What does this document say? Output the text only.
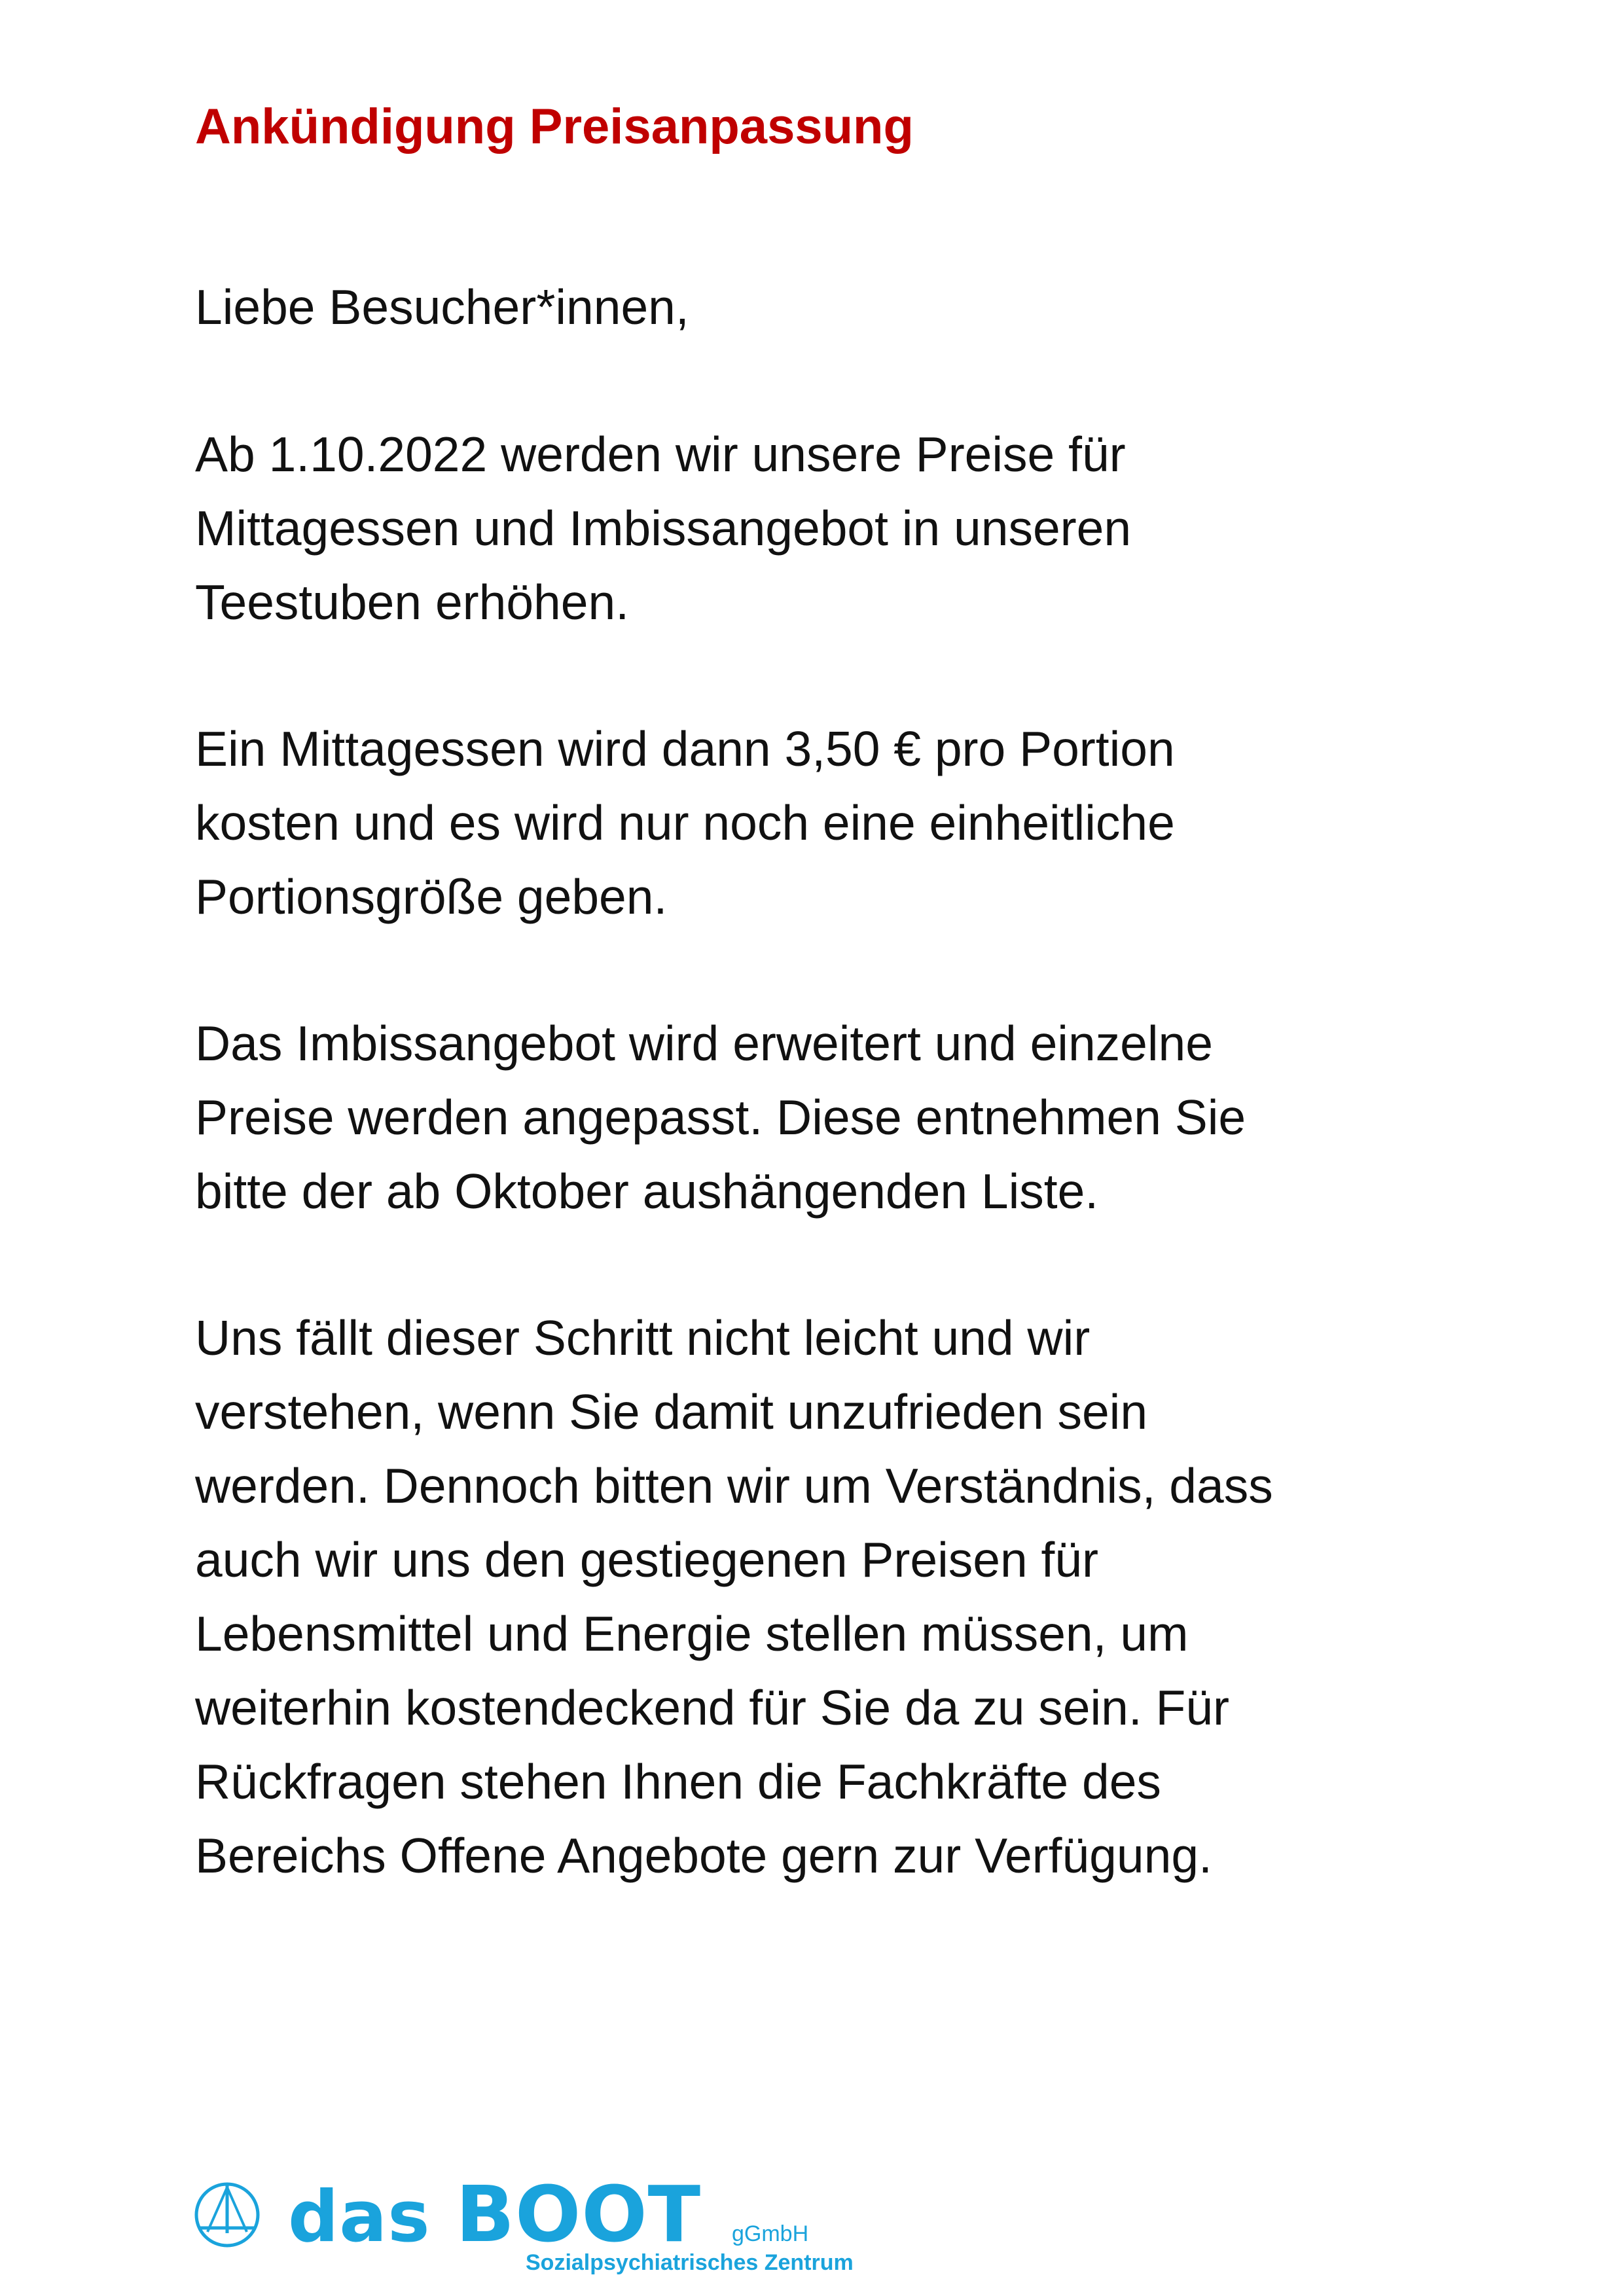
Ankündigung Preisanpassung
Liebe Besucher*innen,
Ab 1.10.2022 werden wir unsere Preise für
Mittagessen und Imbissangebot in unseren
Teestuben erhöhen.
Ein Mittagessen wird dann 3,50 € pro Portion
kosten und es wird nur noch eine einheitliche
Portionsgröße geben.
Das Imbissangebot wird erweitert und einzelne
Preise werden angepasst. Diese entnehmen Sie
bitte der ab Oktober aushängenden Liste.
Uns fällt dieser Schritt nicht leicht und wir
verstehen, wenn Sie damit unzufrieden sein
werden. Dennoch bitten wir um Verständnis, dass
auch wir uns den gestiegenen Preisen für
Lebensmittel und Energie stellen müssen, um
weiterhin kostendeckend für Sie da zu sein. Für
Rückfragen stehen Ihnen die Fachkräfte des
Bereichs Offene Angebote gern zur Verfügung.
das BOOT gGmbH
Sozialpsychiatrisches Zentrum
